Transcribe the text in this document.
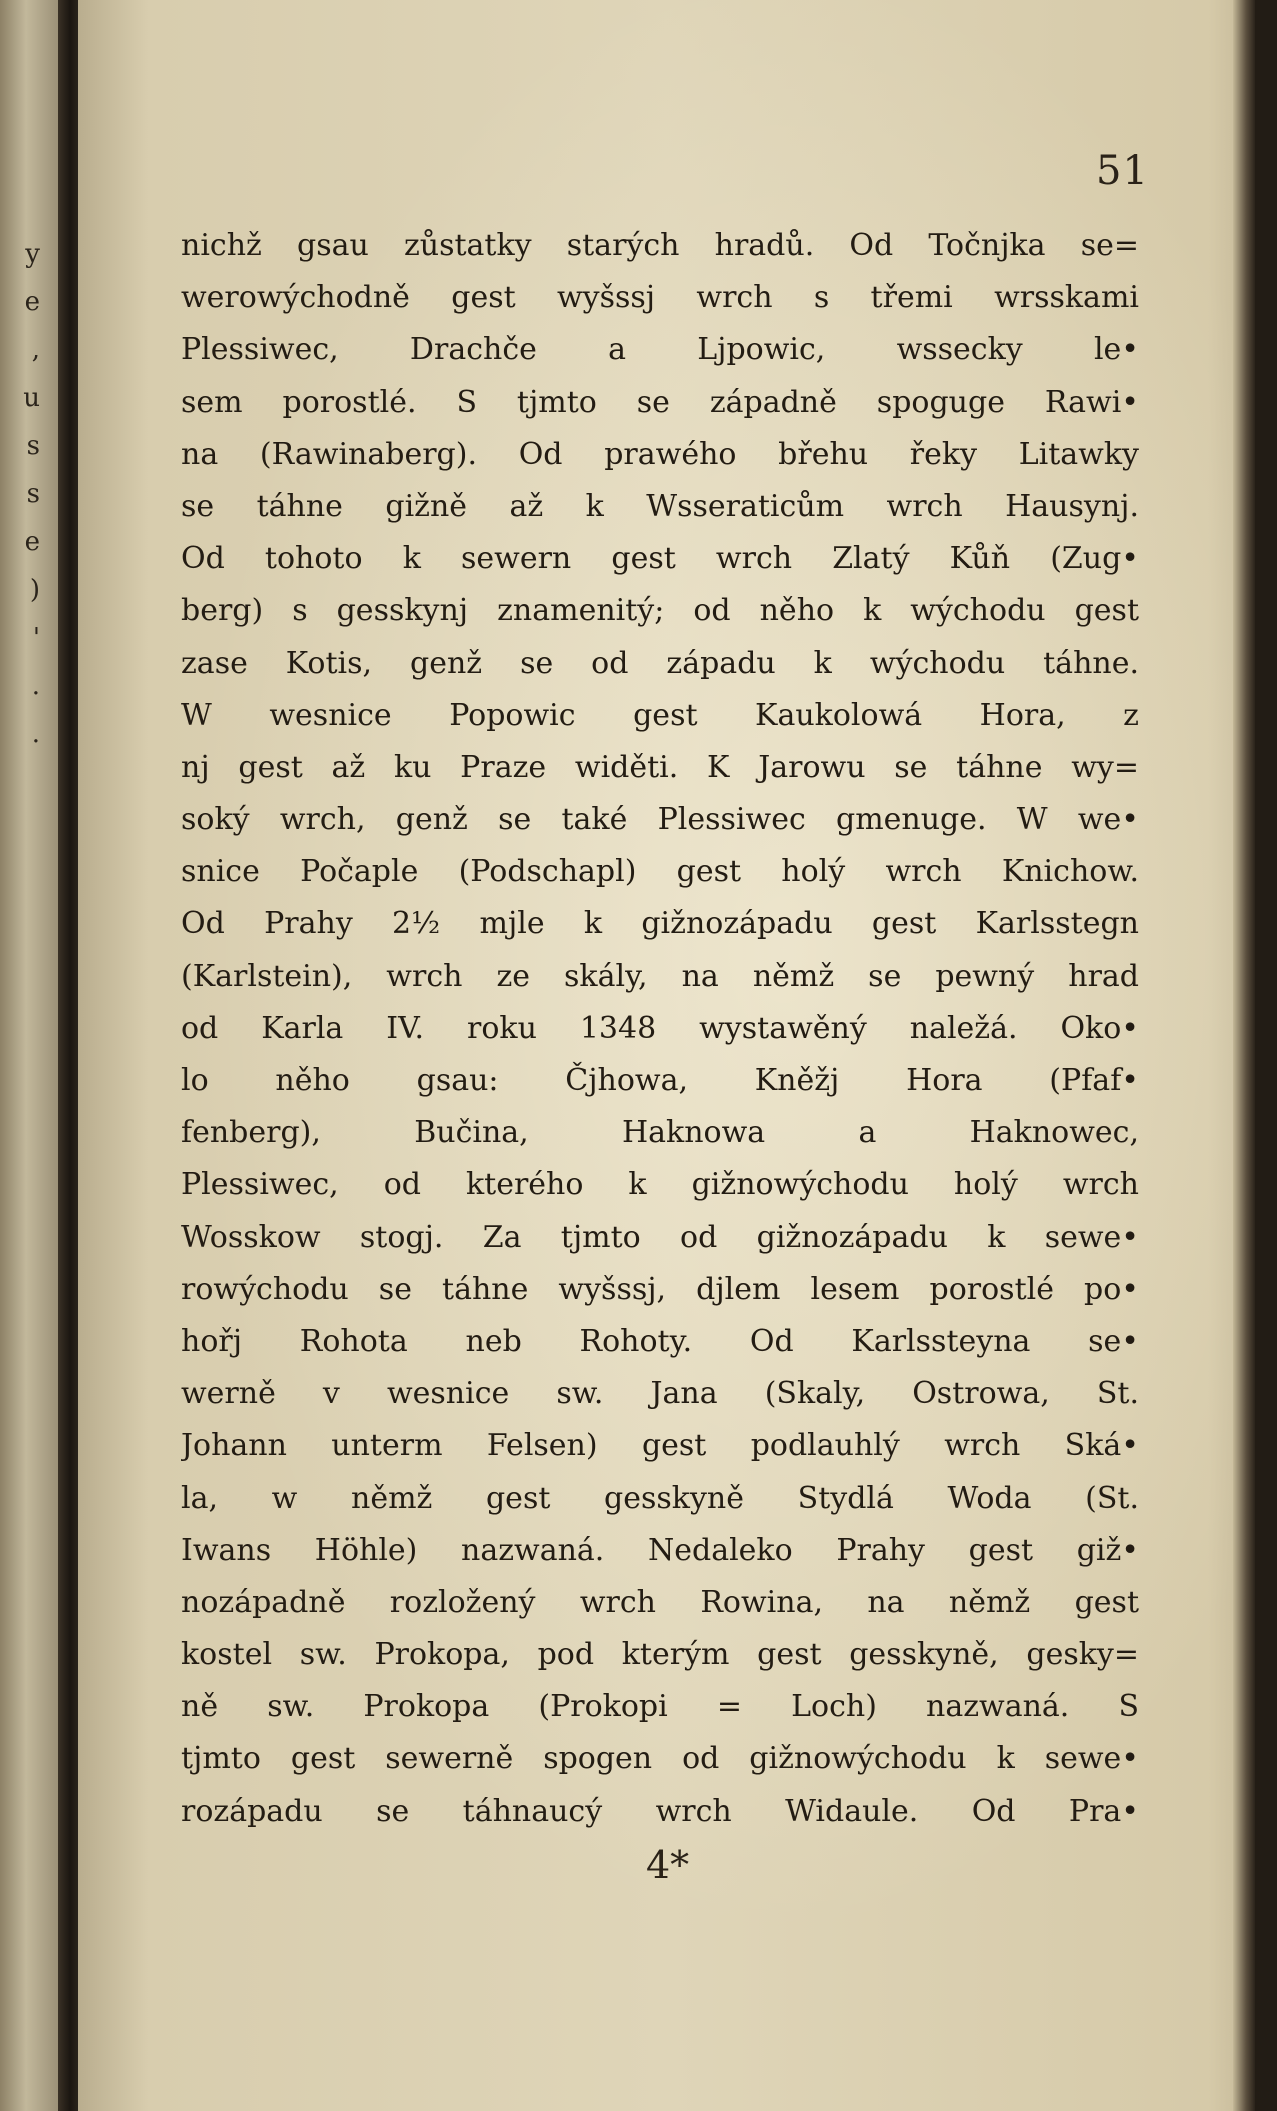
y
e
,
u
s
s
e
)
'
.
.
51
nichž gsau zůstatky starých hradů. Od Točnjka se=
werowýchodně gest wyšssj wrch s třemi wrsskami
Plessiwec, Drachče a Ljpowic, wssecky le•
sem porostlé. S tjmto se západně spoguge Rawi•
na (Rawinaberg). Od prawého břehu řeky Litawky
se táhne gižně až k Wsseraticům wrch Hausynj.
Od tohoto k sewern gest wrch Zlatý Kůň (Zug•
berg) s gesskynj znamenitý; od něho k wýchodu gest
zase Kotis, genž se od západu k wýchodu táhne.
W wesnice Popowic gest Kaukolowá Hora, z
nj gest až ku Praze widěti. K Jarowu se táhne wy=
soký wrch, genž se také Plessiwec gmenuge. W we•
snice Počaple (Podschapl) gest holý wrch Knichow.
Od Prahy 2½ mjle k gižnozápadu gest Karlsstegn
(Karlstein), wrch ze skály, na němž se pewný hrad
od Karla IV. roku 1348 wystawěný naležá. Oko•
lo něho gsau: Čjhowa, Kněžj Hora (Pfaf•
fenberg), Bučina, Haknowa a Haknowec,
Plessiwec, od kterého k gižnowýchodu holý wrch
Wosskow stogj. Za tjmto od gižnozápadu k sewe•
rowýchodu se táhne wyšssj, djlem lesem porostlé po•
hořj Rohota neb Rohoty. Od Karlssteyna se•
werně v wesnice sw. Jana (Skaly, Ostrowa, St.
Johann unterm Felsen) gest podlauhlý wrch Ská•
la, w němž gest gesskyně Stydlá Woda (St.
Iwans Höhle) nazwaná. Nedaleko Prahy gest giž•
nozápadně rozložený wrch Rowina, na němž gest
kostel sw. Prokopa, pod kterým gest gesskyně, gesky=
ně sw. Prokopa (Prokopi = Loch) nazwaná. S
tjmto gest sewerně spogen od gižnowýchodu k sewe•
rozápadu se táhnaucý wrch Widaule. Od Pra•
4*
